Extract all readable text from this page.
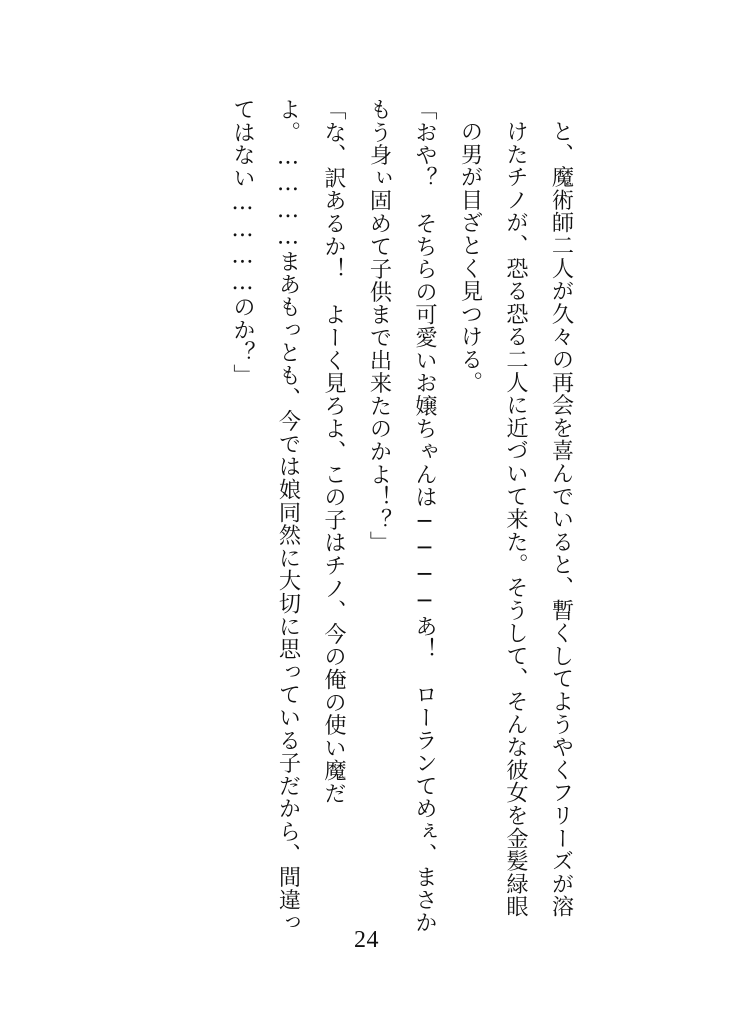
と、魔術師二人が久々の再会を喜んでいると、暫くしてようやくフリーズが溶けたチノが、恐る恐る二人に近づいて来た。そうして、そんな彼女を金髪緑眼の男が目ざとく見つける。

「おや？　そちらの可愛いお嬢ちゃんは────あ！　ローランてめぇ、まさかもう身ぃ固めて子供まで出来たのかよ！？」

「な、訳あるか！　よーく見ろよ、この子はチノ、今の俺の使い魔だよ。…………まあもっとも、今では娘同然に大切に思っている子だから、間違ってはない…………のか？」

24
